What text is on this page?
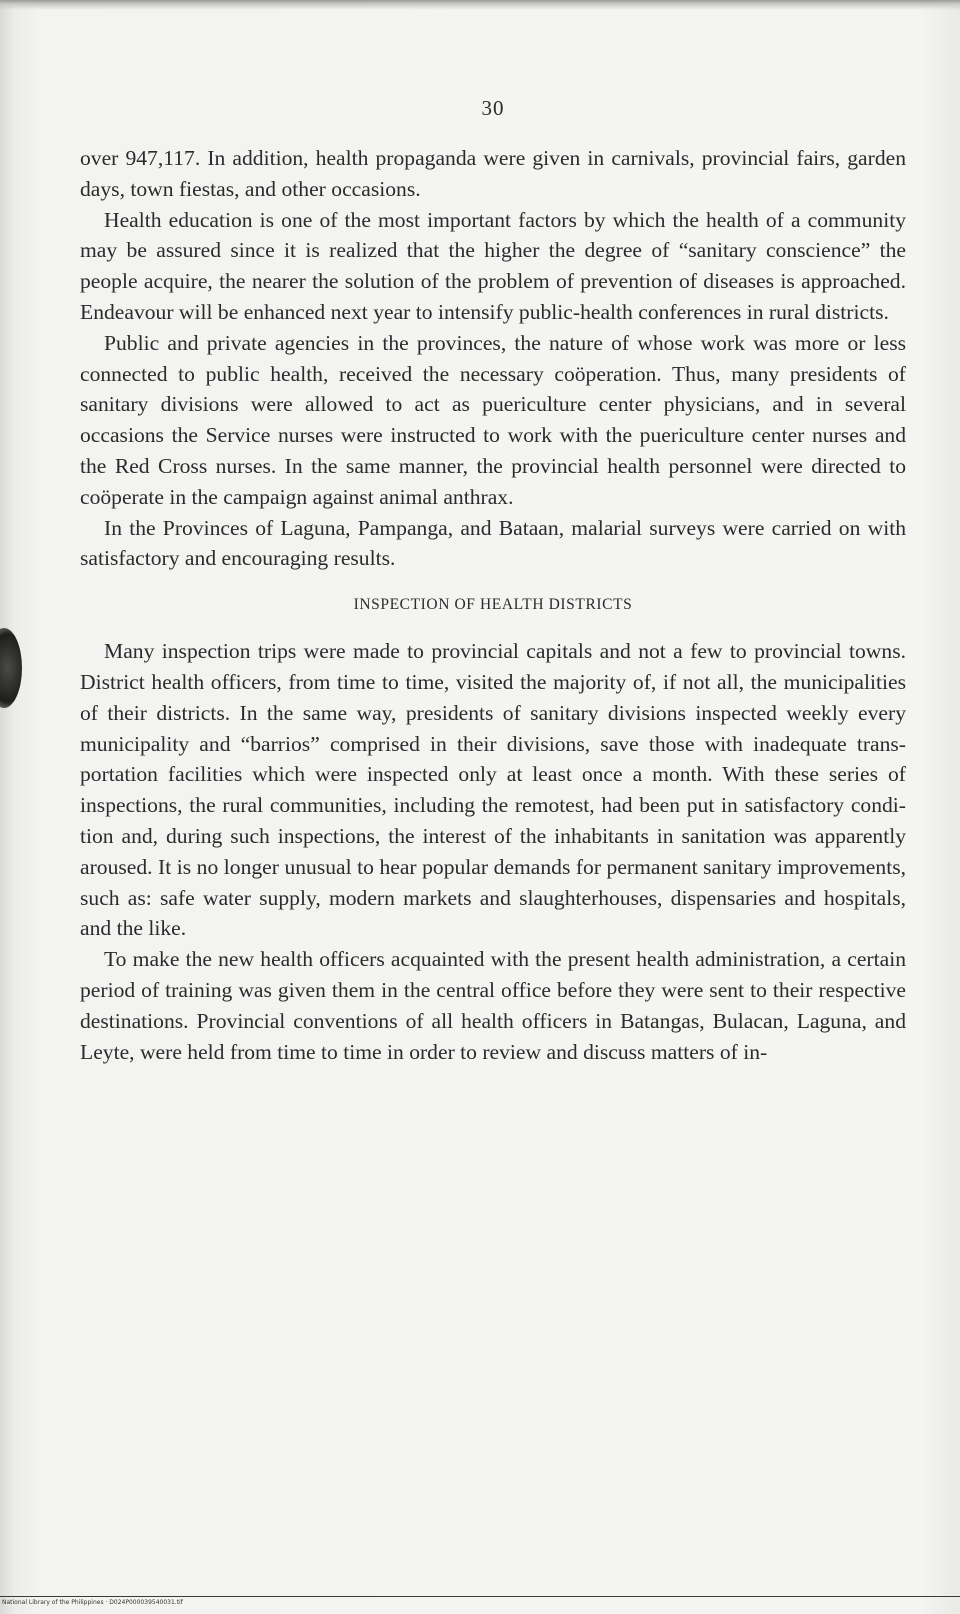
30

over 947,117. In addition, health propaganda were given in carnivals, provincial fairs, garden days, town fiestas, and other occasions.

Health education is one of the most important factors by which the health of a community may be assured since it is realized that the higher the degree of “sanitary conscience” the people acquire, the nearer the solution of the problem of prevention of diseases is approached. Endeavour will be enhanced next year to intensify public-health conferences in rural districts.

Public and private agencies in the provinces, the nature of whose work was more or less connected to public health, received the necessary coöperation. Thus, many presidents of sanitary divisions were allowed to act as puericulture center physicians, and in several occasions the Service nurses were instructed to work with the puericulture center nurses and the Red Cross nurses. In the same manner, the provincial health personnel were directed to coöperate in the campaign against animal anthrax.

In the Provinces of Laguna, Pampanga, and Bataan, malarial surveys were carried on with satisfactory and encouraging results.

INSPECTION OF HEALTH DISTRICTS

Many inspection trips were made to provincial capitals and not a few to provincial towns. District health officers, from time to time, visited the majority of, if not all, the municipalities of their districts. In the same way, presidents of sanitary divisions inspected weekly every municipality and “barrios” comprised in their divisions, save those with inadequate transportation facilities which were inspected only at least once a month. With these series of inspections, the rural communities, including the remotest, had been put in satisfactory condition and, during such inspections, the interest of the inhabitants in sanitation was apparently aroused. It is no longer unusual to hear popular demands for permanent sanitary improvements, such as: safe water supply, modern markets and slaughterhouses, dispensaries and hospitals, and the like.

To make the new health officers acquainted with the present health administration, a certain period of training was given them in the central office before they were sent to their respective destinations. Provincial conventions of all health officers in Batangas, Bulacan, Laguna, and Leyte, were held from time to time in order to review and discuss matters of in-

National Library of the Philippines · D024P000039540031.tif
